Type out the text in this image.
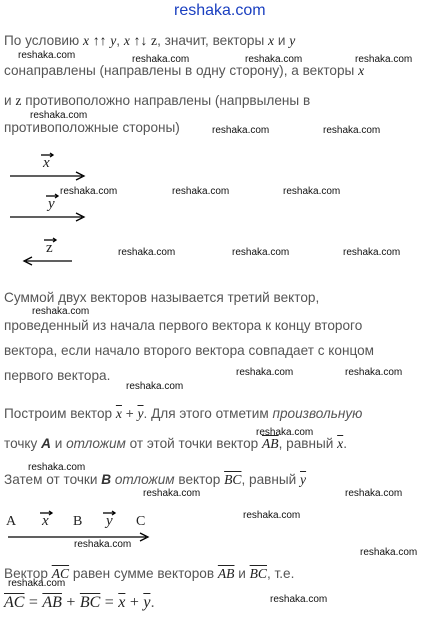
reshaka.com
По условию x ↑↑ y, x ↑↓ z, значит, векторы x и y
сонаправлены (направлены в одну сторону), а векторы x
и z противоположно направлены (напрвылены в
противоположные стороны)
x
y
z
A x B y C
Суммой двух векторов называется третий вектор,
проведенный из начала первого вектора к концу второго
вектора, если начало второго вектора совпадает с концом
первого вектора.
Построим вектор $\overline{x} + \overline{y}$. Для этого отметим произвольную
точку A и отложим от этой точки вектор $\overline{AB}$, равный $\overline{x}$.
Затем от точки B отложим вектор $\overline{BC}$, равный $\overline{y}$
Вектор $\overline{AC}$ равен сумме векторов $\overline{AB}$ и $\overline{BC}$, т.е.
$\overline{AC} = \overline{AB} + \overline{BC} = \overline{x} + \overline{y}$.
reshaka.com	reshaka.com	reshaka.com	reshaka.com
reshaka.com
reshaka.com	reshaka.com
reshaka.com	reshaka.com	reshaka.com
reshaka.com	reshaka.com	reshaka.com
reshaka.com
reshaka.com
reshaka.com	reshaka.com
reshaka.com
reshaka.com
reshaka.com	reshaka.com
reshaka.com
reshaka.com
reshaka.com
reshaka.com
reshaka.com
